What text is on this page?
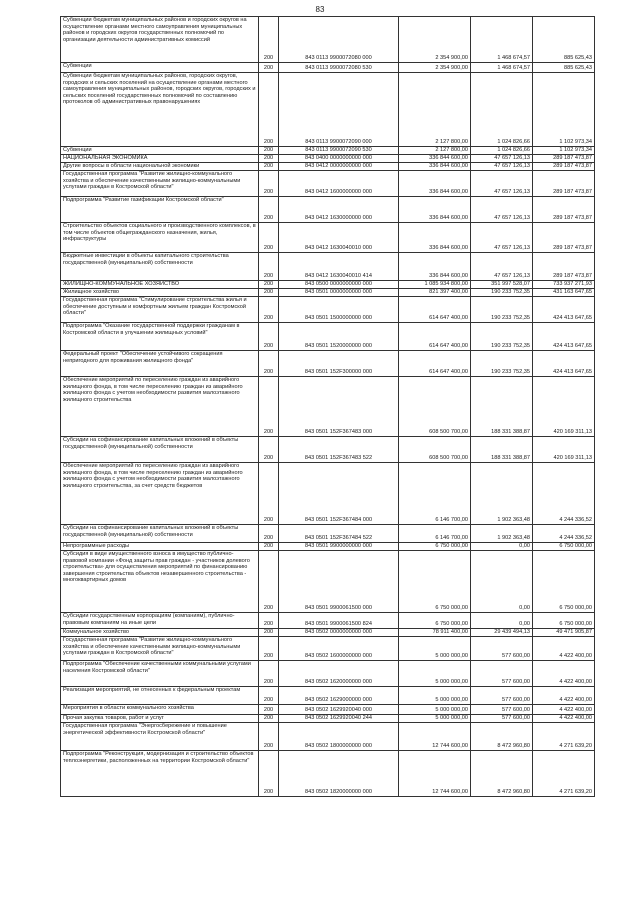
83
Субвенции бюджетам муниципальных районов и городских округов на осуществление органами местного самоуправления муниципальных районов и городских округов государственных полномочий по организации деятельности административных комиссий	200	843 0113 9900072080 000	2 354 900,00	1 468 674,57	885 625,43
Субвенции	200	843 0113 9900072080 530	2 354 900,00	1 468 674,57	885 625,43
Субвенции бюджетам муниципальных районов, городских округов, городских и сельских поселений на осуществление органами местного самоуправления муниципальных районов, городских округов, городских и сельских поселений государственных полномочий по составлению протоколов об административных правонарушениях	200	843 0113 9900072090 000	2 127 800,00	1 024 826,66	1 102 973,34
Субвенции	200	843 0113 9900072090 530	2 127 800,00	1 024 826,66	1 102 973,34
НАЦИОНАЛЬНАЯ ЭКОНОМИКА	200	843 0400 0000000000 000	336 844 600,00	47 657 126,13	289 187 473,87
Другие вопросы в области национальной экономики	200	843 0412 0000000000 000	336 844 600,00	47 657 126,13	289 187 473,87
Государственная программа "Развитие жилищно-коммунального хозяйства и обеспечение качественными жилищно-коммунальными услугами граждан в Костромской области"	200	843 0412 1600000000 000	336 844 600,00	47 657 126,13	289 187 473,87
Подпрограмма "Развитие газификации Костромской области"	200	843 0412 1630000000 000	336 844 600,00	47 657 126,13	289 187 473,87
Строительство объектов социального и производственного комплексов, в том числе объектов общегражданского назначения, жилья, инфраструктуры	200	843 0412 1630040010 000	336 844 600,00	47 657 126,13	289 187 473,87
Бюджетные инвестиции в объекты капитального строительства государственной (муниципальной) собственности	200	843 0412 1630040010 414	336 844 600,00	47 657 126,13	289 187 473,87
ЖИЛИЩНО-КОММУНАЛЬНОЕ ХОЗЯЙСТВО	200	843 0500 0000000000 000	1 085 934 800,00	351 997 528,07	733 937 271,93
Жилищное хозяйство	200	843 0501 0000000000 000	821 397 400,00	190 233 752,35	431 163 647,65
Государственная программа "Стимулирование строительства жилья и обеспечение доступным и комфортным жильем граждан Костромской области"	200	843 0501 1500000000 000	614 647 400,00	190 233 752,35	424 413 647,65
Подпрограмма "Оказание государственной поддержки гражданам в Костромской области в улучшении жилищных условий"	200	843 0501 1520000000 000	614 647 400,00	190 233 752,35	424 413 647,65
Федеральный проект "Обеспечение устойчивого сокращения непригодного для проживания жилищного фонда"	200	843 0501 152F300000 000	614 647 400,00	190 233 752,35	424 413 647,65
Обеспечение мероприятий по переселению граждан из аварийного жилищного фонда, в том числе переселению граждан из аварийного жилищного фонда с учетом необходимости развития малоэтажного жилищного строительства	200	843 0501 152F367483 000	608 500 700,00	188 331 388,87	420 169 311,13
Субсидии на софинансирование капитальных вложений в объекты государственной (муниципальной) собственности	200	843 0501 152F367483 522	608 500 700,00	188 331 388,87	420 169 311,13
Обеспечение мероприятий по переселению граждан из аварийного жилищного фонда, в том числе переселению граждан из аварийного жилищного фонда с учетом необходимости развития малоэтажного жилищного строительства, за счет средств бюджетов	200	843 0501 152F367484 000	6 146 700,00	1 902 363,48	4 244 336,52
Субсидии на софинансирование капитальных вложений в объекты государственной (муниципальной) собственности	200	843 0501 152F367484 522	6 146 700,00	1 902 363,48	4 244 336,52
Непрограммные расходы	200	843 0501 9900000000 000	6 750 000,00	0,00	6 750 000,00
Субсидия в виде имущественного взноса в имущество публично-правовой компании «Фонд защиты прав граждан - участников долевого строительства» для осуществления мероприятий по финансированию завершения строительства объектов незавершенного строительства - многоквартирных домов	200	843 0501 9900061500 000	6 750 000,00	0,00	6 750 000,00
Субсидии государственным корпорациям (компаниям), публично-правовым компаниям на иные цели	200	843 0501 9900061500 824	6 750 000,00	0,00	6 750 000,00
Коммунальное хозяйство	200	843 0502 0000000000 000	78 911 400,00	29 439 494,13	49 471 905,87
Государственная программа "Развитие жилищно-коммунального хозяйства и обеспечение качественными жилищно-коммунальными услугами граждан в Костромской области"	200	843 0502 1600000000 000	5 000 000,00	577 600,00	4 422 400,00
Подпрограмма "Обеспечение качественными коммунальными услугами населения Костромской области"	200	843 0502 1620000000 000	5 000 000,00	577 600,00	4 422 400,00
Реализация мероприятий, не отнесенных к федеральным проектам	200	843 0502 1629000000 000	5 000 000,00	577 600,00	4 422 400,00
Мероприятия в области коммунального хозяйства	200	843 0502 1629920040 000	5 000 000,00	577 600,00	4 422 400,00
Прочая закупка товаров, работ и услуг	200	843 0502 1629920040 244	5 000 000,00	577 600,00	4 422 400,00
Государственная программа "Энергосбережение и повышение энергетической эффективности Костромской области"	200	843 0502 1800000000 000	12 744 600,00	8 472 960,80	4 271 639,20
Подпрограмма "Реконструкция, модернизация и строительство объектов теплоэнергетики, расположенных на территории Костромской области"	200	843 0502 1820000000 000	12 744 600,00	8 472 960,80	4 271 639,20
